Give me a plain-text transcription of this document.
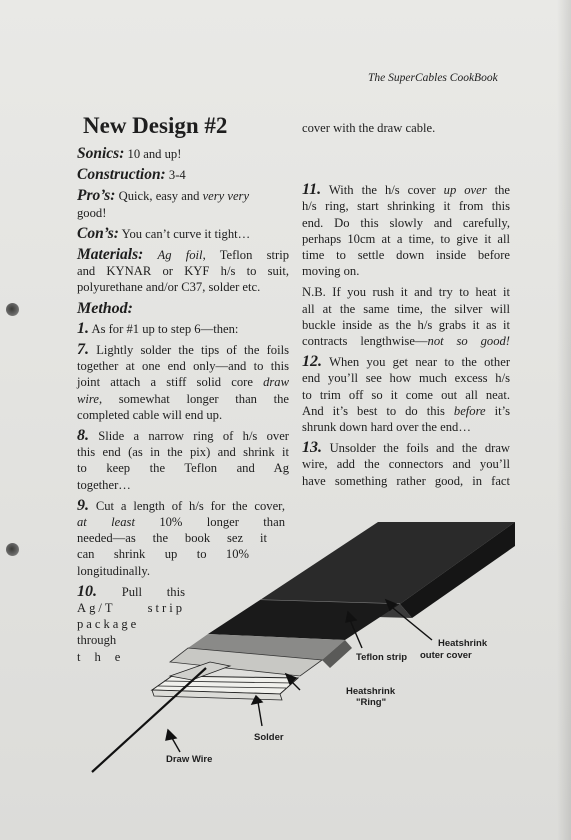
The SuperCables CookBook
New Design #2

Sonics: 10 and up!

Construction: 3-4

Pro’s: Quick, easy and very very
good!

Con’s: You can’t curve it tight…

Materials: Ag foil, Teflon strip
and KYNAR or KYF h/s to suit,
polyurethane and/or C37, solder etc.

Method:

1. As for #1 up to step 6—then:

7. Lightly solder the tips of the foils
together at one end only—and to this
joint attach a stiff solid core draw
wire, somewhat longer than the
completed cable will end up.

8. Slide a narrow ring of h/s over
this end (as in the pix) and shrink it
to keep the Teflon and Ag
together…

9. Cut a length of h/s for the cover,
at least 10% longer than
needed—as the book sez it
can shrink up to 10%
longitudinally.

10. Pull this
Ag/T strip
package
through
the

cover with the draw cable.

11. With the h/s cover up over the
h/s ring, start shrinking it from this
end. Do this slowly and carefully,
perhaps 10cm at a time, to give it all
time to settle down inside before
moving on.

N.B. If you rush it and try to heat it
all at the same time, the silver will
buckle inside as the h/s grabs it as it
contracts lengthwise—not so good!

12. When you get near to the other
end you’ll see how much excess h/s
to trim off so it come out all neat.
And it’s best to do this before it’s
shrunk down hard over the end…

13. Unsolder the foils and the draw
wire, add the connectors and you’ll
have something rather good, in fact

Heatshrink
outer cover
Teflon strip
Heatshrink
"Ring"
Solder
Draw Wire
